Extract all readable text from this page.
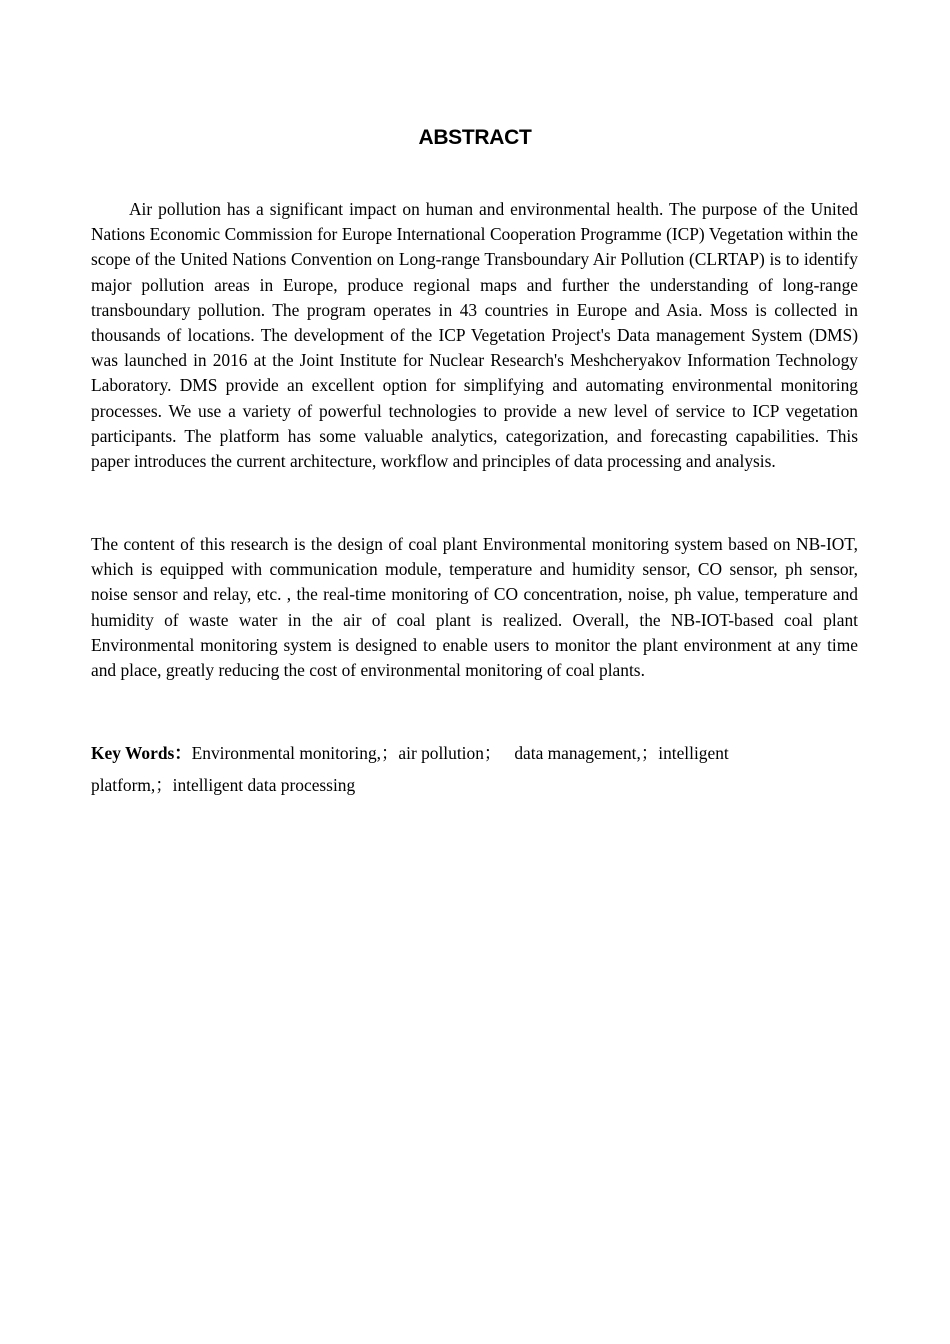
ABSTRACT

Air pollution has a significant impact on human and environmental health. The purpose of the United Nations Economic Commission for Europe International Cooperation Programme (ICP) Vegetation within the scope of the United Nations Convention on Long-range Transboundary Air Pollution (CLRTAP) is to identify major pollution areas in Europe, produce regional maps and further the understanding of long-range transboundary pollution. The program operates in 43 countries in Europe and Asia. Moss is collected in thousands of locations. The development of the ICP Vegetation Project's Data management System (DMS) was launched in 2016 at the Joint Institute for Nuclear Research's Meshcheryakov Information Technology Laboratory. DMS provide an excellent option for simplifying and automating environmental monitoring processes. We use a variety of powerful technologies to provide a new level of service to ICP vegetation participants. The platform has some valuable analytics, categorization, and forecasting capabilities. This paper introduces the current architecture, workflow and principles of data processing and analysis.

The content of this research is the design of coal plant Environmental monitoring system based on NB-IOT, which is equipped with communication module, temperature and humidity sensor, CO sensor, ph sensor, noise sensor and relay, etc. , the real-time monitoring of CO concentration, noise, ph value, temperature and humidity of waste water in the air of coal plant is realized. Overall, the NB-IOT-based coal plant Environmental monitoring system is designed to enable users to monitor the plant environment at any time and place, greatly reducing the cost of environmental monitoring of coal plants.

Key Words：Environmental monitoring,；air pollution； data management,；intelligent platform,；intelligent data processing
